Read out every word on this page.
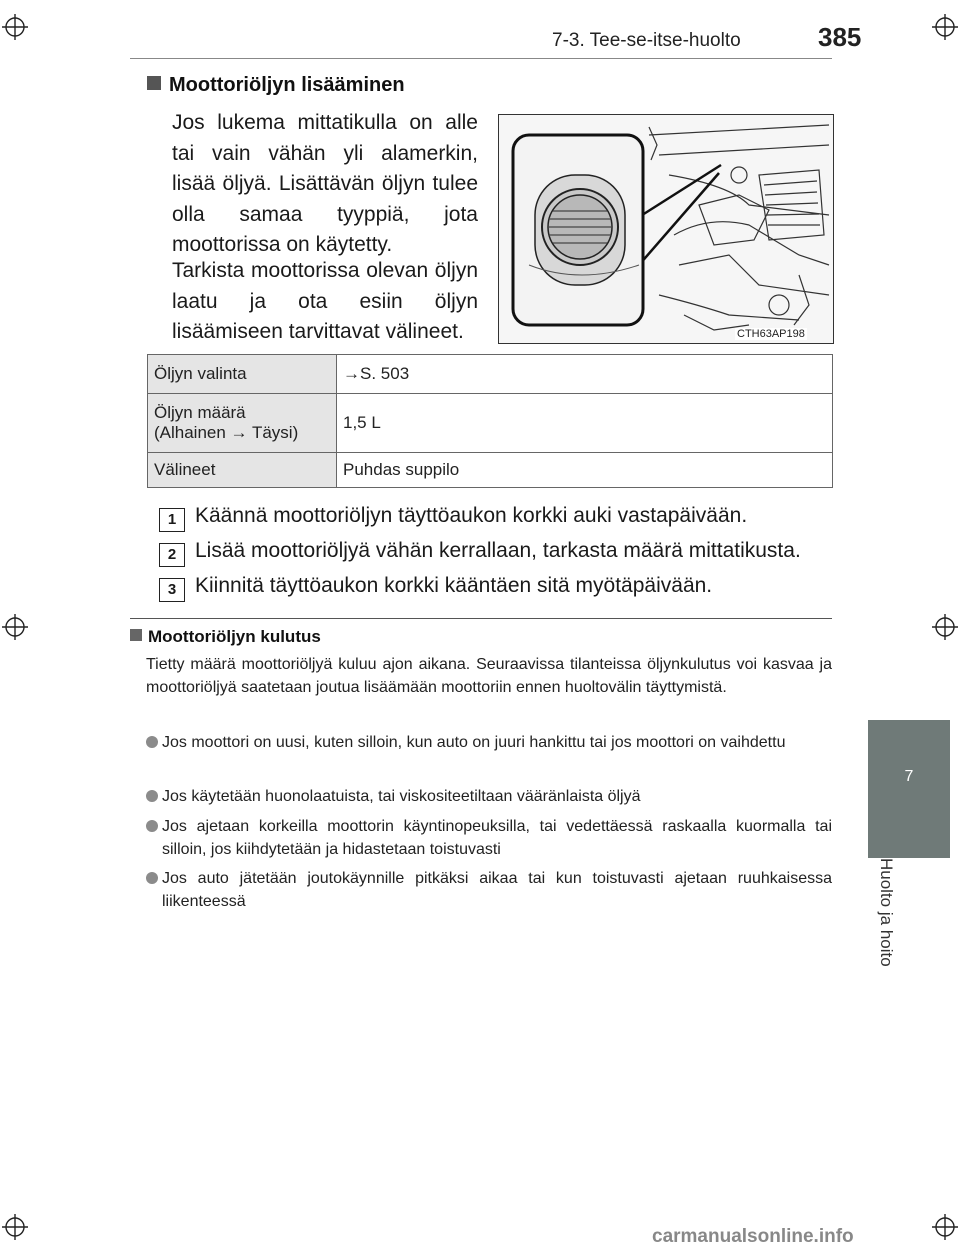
7-3. Tee-se-itse-huolto	385
7
Huolto ja hoito
Moottoriöljyn lisääminen
Jos lukema mittatikulla on alle tai vain vähän yli alamerkin, lisää öljyä. Lisättävän öljyn tulee olla samaa tyyppiä, jota moottorissa on käytetty.
Tarkista moottorissa olevan öljyn laatu ja ota esiin öljyn lisäämiseen tarvittavat välineet.	CTH63AP198
Öljyn valinta	→S. 503

Öljyn määrä
(Alhainen → Täysi)	1,5 L
Välineet	Puhdas suppilo
1 Käännä moottoriöljyn täyttöaukon korkki auki vastapäivään.
2 Lisää moottoriöljyä vähän kerrallaan, tarkasta määrä mittatikusta.
3 Kiinnitä täyttöaukon korkki kääntäen sitä myötäpäivään.
Moottoriöljyn kulutus
Tietty määrä moottoriöljyä kuluu ajon aikana. Seuraavissa tilanteissa öljynkulutus voi kasvaa ja moottoriöljyä saatetaan joutua lisäämään moottoriin ennen huoltovälin täyttymistä.
Jos moottori on uusi, kuten silloin, kun auto on juuri hankittu tai jos moottori on vaihdettu
Jos käytetään huonolaatuista, tai viskositeetiltaan vääränlaista öljyä
Jos ajetaan korkeilla moottorin käyntinopeuksilla, tai vedettäessä raskaalla kuormalla tai silloin, jos kiihdytetään ja hidastetaan toistuvasti
Jos auto jätetään joutokäynnille pitkäksi aikaa tai kun toistuvasti ajetaan ruuhkaisessa liikenteessä
carmanualsonline.info
